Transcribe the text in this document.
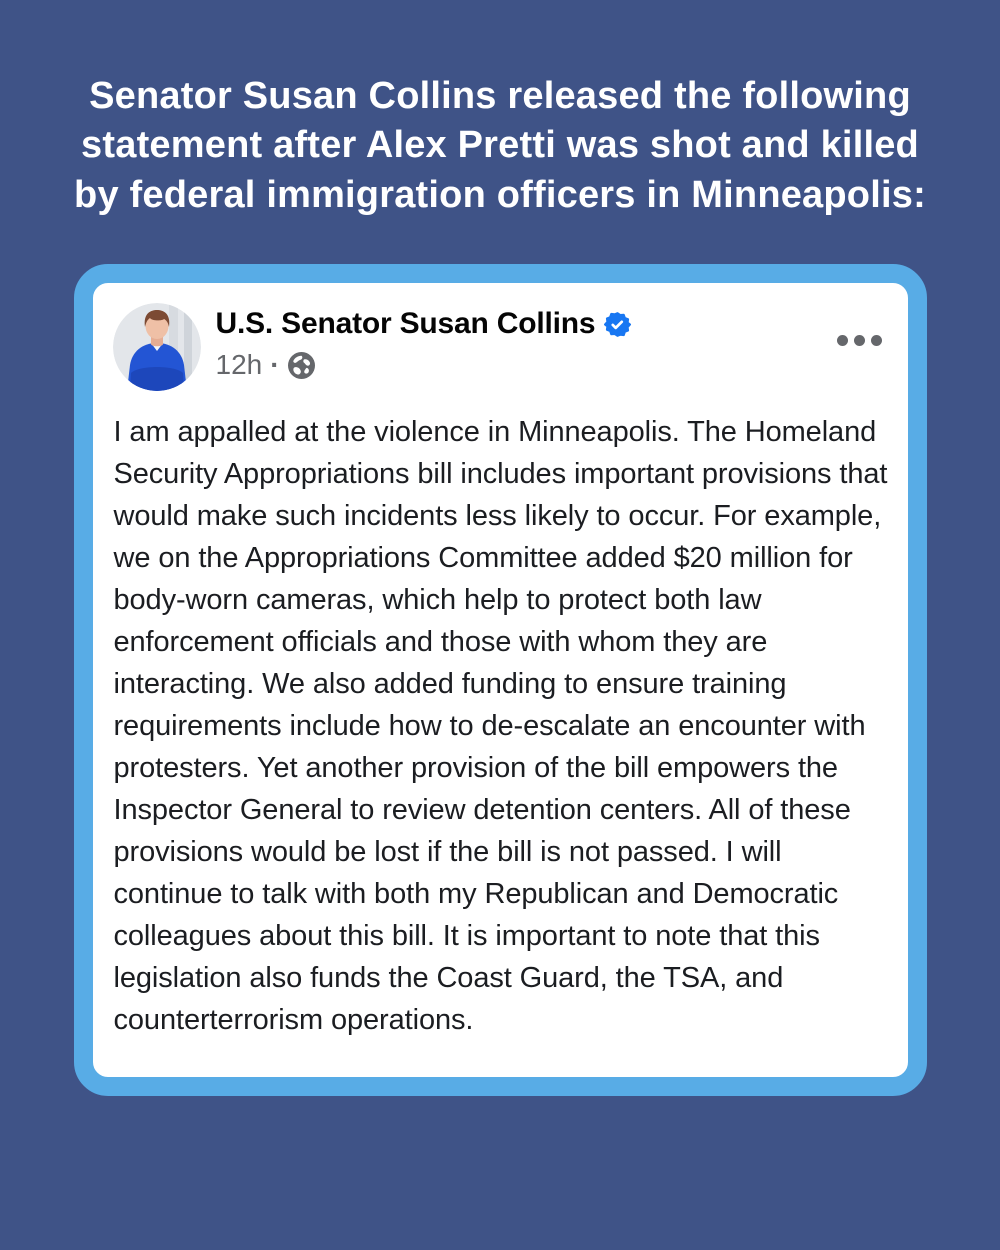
Senator Susan Collins released the following statement after Alex Pretti was shot and killed by federal immigration officers in Minneapolis:
U.S. Senator Susan Collins
12h ·
I am appalled at the violence in Minneapolis. The Homeland Security Appropriations bill includes important provisions that would make such incidents less likely to occur. For example, we on the Appropriations Committee added $20 million for body-worn cameras, which help to protect both law enforcement officials and those with whom they are interacting. We also added funding to ensure training requirements include how to de-escalate an encounter with protesters. Yet another provision of the bill empowers the Inspector General to review detention centers. All of these provisions would be lost if the bill is not passed. I will continue to talk with both my Republican and Democratic colleagues about this bill. It is important to note that this legislation also funds the Coast Guard, the TSA, and counterterrorism operations.
